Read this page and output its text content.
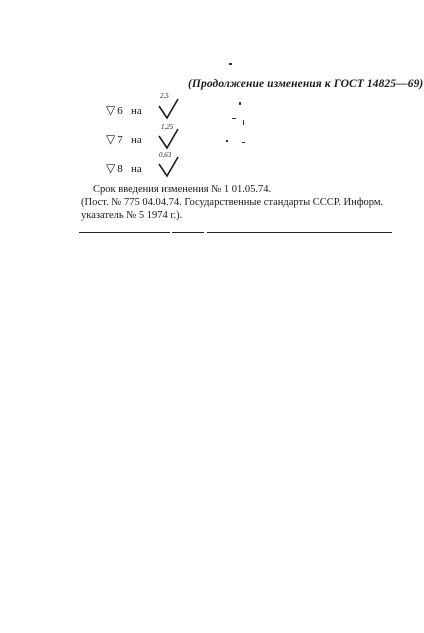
(Продолжение изменения к ГОСТ 14825—69)
▽ 6 на
2,5
▽ 7 на
1,25
▽ 8 на
0,63
Срок введения изменения № 1 01.05.74.
(Пост. № 775 04.04.74. Государственные стандарты СССР. Информ.
указатель № 5 1974 г.).
